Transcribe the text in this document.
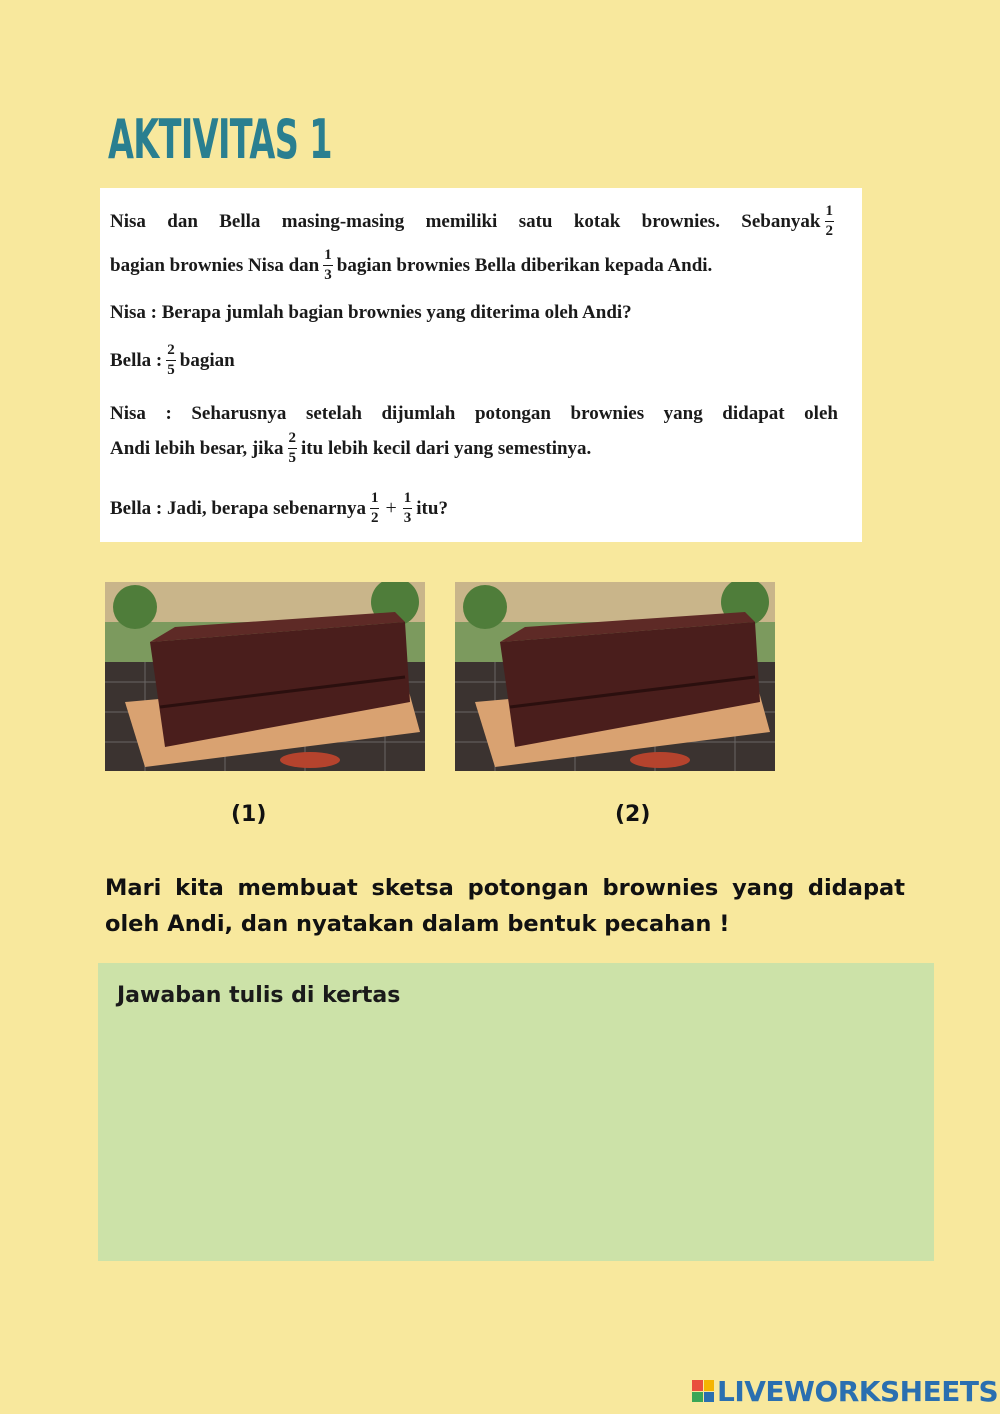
AKTIVITAS 1
Nisa dan Bella masing-masing memiliki satu kotak brownies. Sebanyak $\frac{1}{2}$
bagian brownies Nisa dan $\frac{1}{3}$ bagian brownies Bella diberikan kepada Andi.
Nisa : Berapa jumlah bagian brownies yang diterima oleh Andi?
Bella : $\frac{2}{5}$ bagian
Nisa : Seharusnya setelah dijumlah potongan brownies yang didapat oleh
Andi lebih besar, jika $\frac{2}{5}$ itu lebih kecil dari yang semestinya.
Bella : Jadi, berapa sebenarnya $\frac{1}{2} + \frac{1}{3}$ itu?
(1)	(2)
Mari kita membuat sketsa potongan brownies yang didapat oleh Andi, dan nyatakan dalam bentuk pecahan !
Jawaban tulis di kertas
LIVEWORKSHEETS
